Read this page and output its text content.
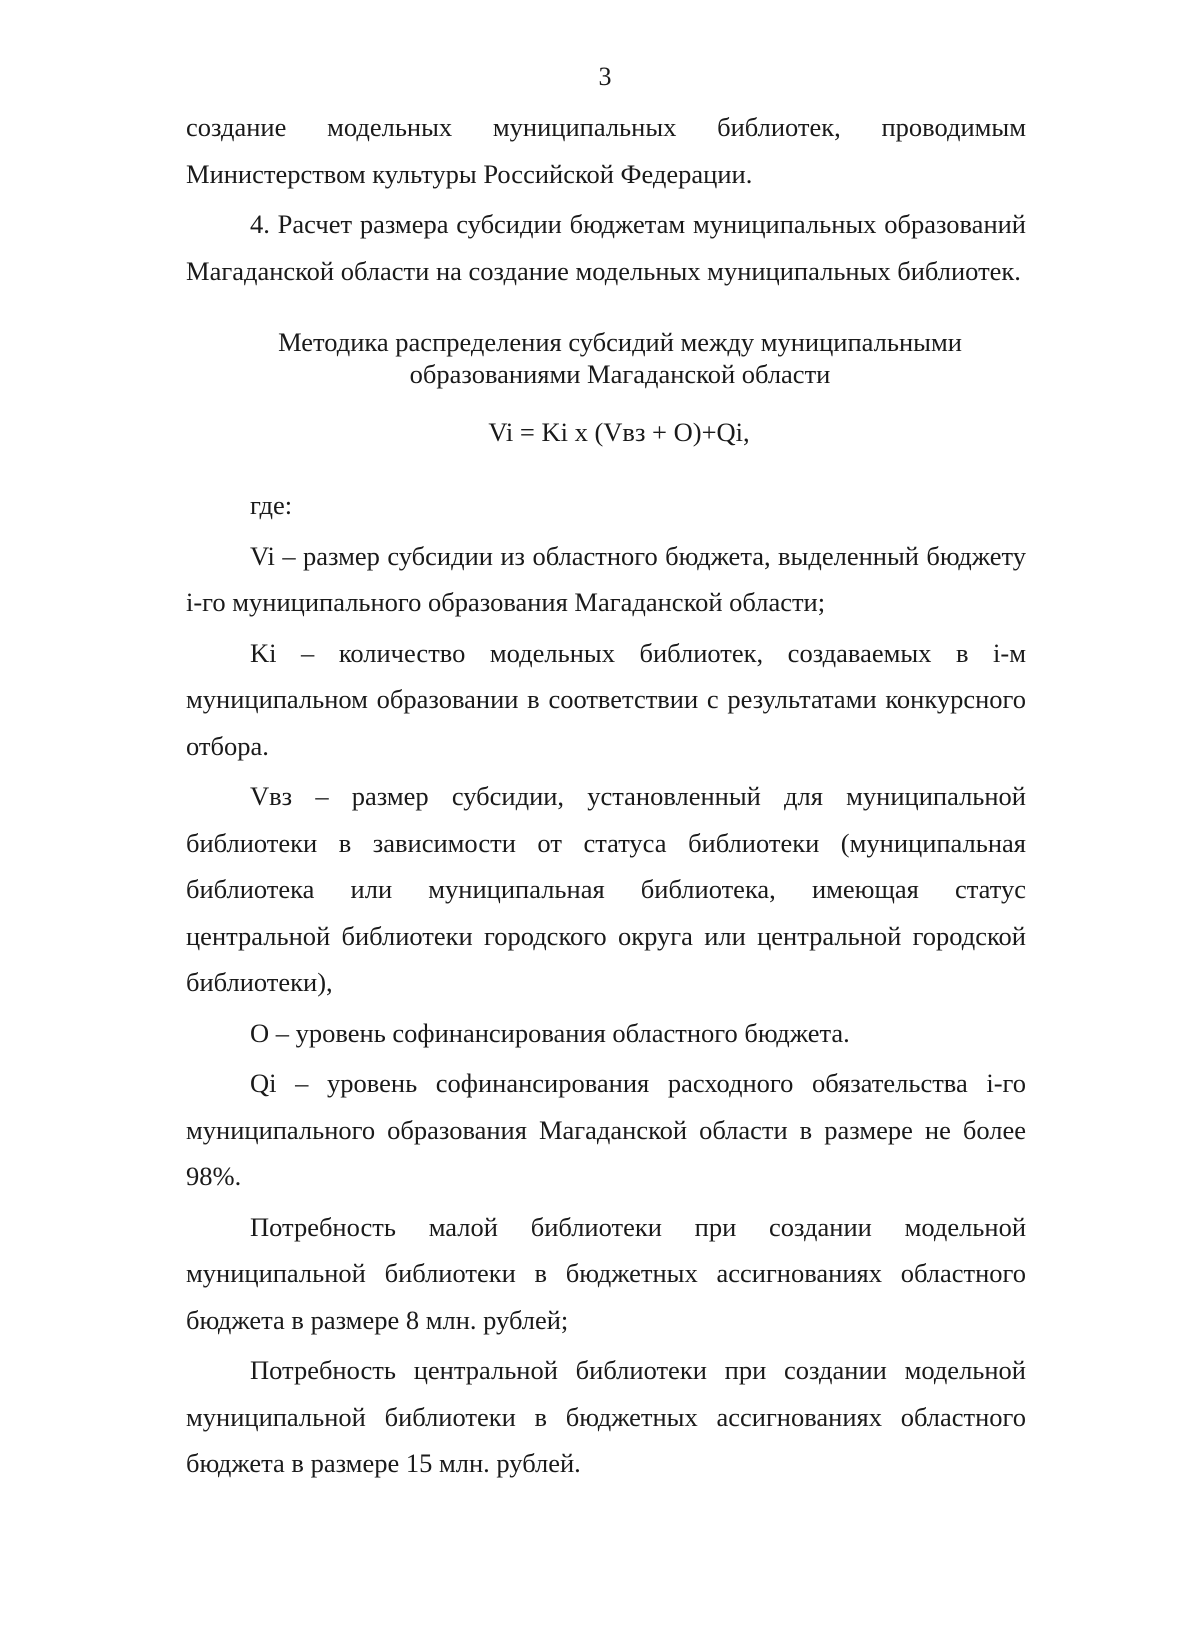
3

создание модельных муниципальных библиотек, проводимым Министерством культуры Российской Федерации.

4. Расчет размера субсидии бюджетам муниципальных образований Магаданской области на создание модельных муниципальных библиотек.

Методика распределения субсидий между муниципальными
образованиями Магаданской области
Vi = Ki x (Vвз + O)+Qi,

где:

Vi – размер субсидии из областного бюджета, выделенный бюджету i-го муниципального образования Магаданской области;

Ki – количество модельных библиотек, создаваемых в i-м муниципальном образовании в соответствии с результатами конкурсного отбора.

Vвз – размер субсидии, установленный для муниципальной библиотеки в зависимости от статуса библиотеки (муниципальная библиотека или муниципальная библиотека, имеющая статус центральной библиотеки городского округа или центральной городской библиотеки),

O – уровень софинансирования областного бюджета.

Qi – уровень софинансирования расходного обязательства i-го муниципального образования Магаданской области в размере не более 98%.

Потребность малой библиотеки при создании модельной муниципальной библиотеки в бюджетных ассигнованиях областного бюджета в размере 8 млн. рублей;

Потребность центральной библиотеки при создании модельной муниципальной библиотеки в бюджетных ассигнованиях областного бюджета в размере 15 млн. рублей.
